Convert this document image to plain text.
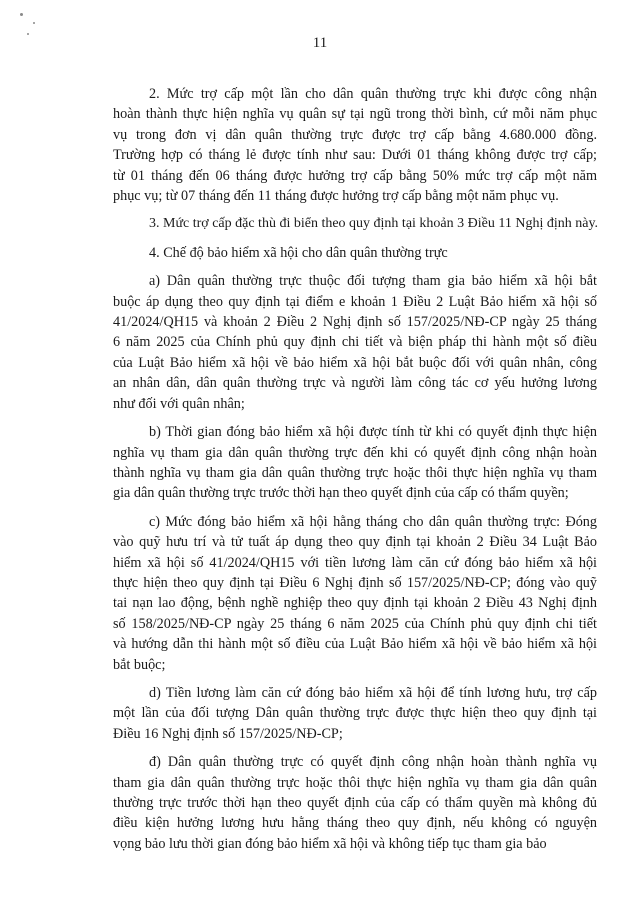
11

2. Mức trợ cấp một lần cho dân quân thường trực khi được công nhận
hoàn thành thực hiện nghĩa vụ quân sự tại ngũ trong thời bình, cứ mỗi năm phục
vụ trong đơn vị dân quân thường trực được trợ cấp bằng 4.680.000 đồng.
Trường hợp có tháng lẻ được tính như sau: Dưới 01 tháng không được trợ cấp;
từ 01 tháng đến 06 tháng được hưởng trợ cấp bằng 50% mức trợ cấp một năm
phục vụ; từ 07 tháng đến 11 tháng được hưởng trợ cấp bằng một năm phục vụ.

3. Mức trợ cấp đặc thù đi biển theo quy định tại khoản 3 Điều 11 Nghị định này.

4. Chế độ bảo hiểm xã hội cho dân quân thường trực

a) Dân quân thường trực thuộc đối tượng tham gia bảo hiểm xã hội bắt
buộc áp dụng theo quy định tại điểm e khoản 1 Điều 2 Luật Bảo hiểm xã hội số
41/2024/QH15 và khoản 2 Điều 2 Nghị định số 157/2025/NĐ-CP ngày 25 tháng
6 năm 2025 của Chính phủ quy định chi tiết và biện pháp thi hành một số điều
của Luật Bảo hiểm xã hội về bảo hiểm xã hội bắt buộc đối với quân nhân, công
an nhân dân, dân quân thường trực và người làm công tác cơ yếu hưởng lương
như đối với quân nhân;

b) Thời gian đóng bảo hiểm xã hội được tính từ khi có quyết định thực hiện
nghĩa vụ tham gia dân quân thường trực đến khi có quyết định công nhận hoàn
thành nghĩa vụ tham gia dân quân thường trực hoặc thôi thực hiện nghĩa vụ tham
gia dân quân thường trực trước thời hạn theo quyết định của cấp có thẩm quyền;

c) Mức đóng bảo hiểm xã hội hằng tháng cho dân quân thường trực: Đóng
vào quỹ hưu trí và tử tuất áp dụng theo quy định tại khoản 2 Điều 34 Luật Bảo
hiểm xã hội số 41/2024/QH15 với tiền lương làm căn cứ đóng bảo hiểm xã hội
thực hiện theo quy định tại Điều 6 Nghị định số 157/2025/NĐ-CP; đóng vào quỹ
tai nạn lao động, bệnh nghề nghiệp theo quy định tại khoản 2 Điều 43 Nghị định
số 158/2025/NĐ-CP ngày 25 tháng 6 năm 2025 của Chính phủ quy định chi tiết
và hướng dẫn thi hành một số điều của Luật Bảo hiểm xã hội về bảo hiểm xã hội
bắt buộc;

d) Tiền lương làm căn cứ đóng bảo hiểm xã hội để tính lương hưu, trợ cấp
một lần của đối tượng Dân quân thường trực được thực hiện theo quy định tại
Điều 16 Nghị định số 157/2025/NĐ-CP;

đ) Dân quân thường trực có quyết định công nhận hoàn thành nghĩa vụ
tham gia dân quân thường trực hoặc thôi thực hiện nghĩa vụ tham gia dân quân
thường trực trước thời hạn theo quyết định của cấp có thẩm quyền mà không đủ
điều kiện hưởng lương hưu hằng tháng theo quy định, nếu không có nguyện
vọng bảo lưu thời gian đóng bảo hiểm xã hội và không tiếp tục tham gia bảo
